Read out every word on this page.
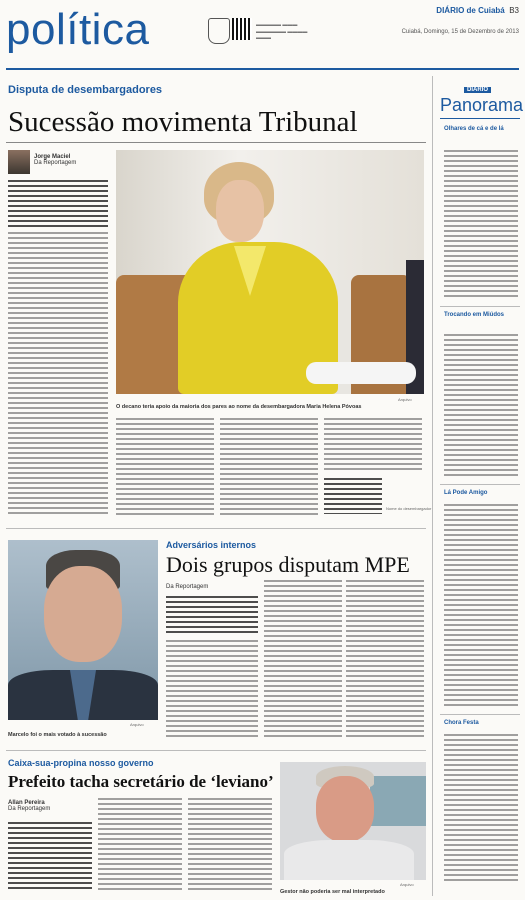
política	▬▬▬▬▬ ▬▬▬ ▬▬▬▬▬▬ ▬▬▬▬ ▬▬▬
DIÁRIO de Cuiabá B3
Cuiabá, Domingo, 15 de Dezembro de 2013
Disputa de desembargadores
Sucessão movimenta Tribunal
Jorge Maciel
Da Reportagem
Nome do desembargador
Arquivo
O decano teria apoio da maioria dos pares ao nome da desembargadora Maria Helena Póvoas
Arquivo
Marcelo foi o mais votado à sucessão
Adversários internos
Dois grupos disputam MPE
Da Reportagem
Caixa-sua-propina nosso governo
Prefeito tacha secretário de ‘leviano’
Allan Pereira
Da Reportagem
Arquivo
Gestor não poderia ser mal interpretado
DIÁRIO
Panorama
Olhares de cá e de lá
Trocando em Miúdos
Lá Pode Amigo
Chora Festa
